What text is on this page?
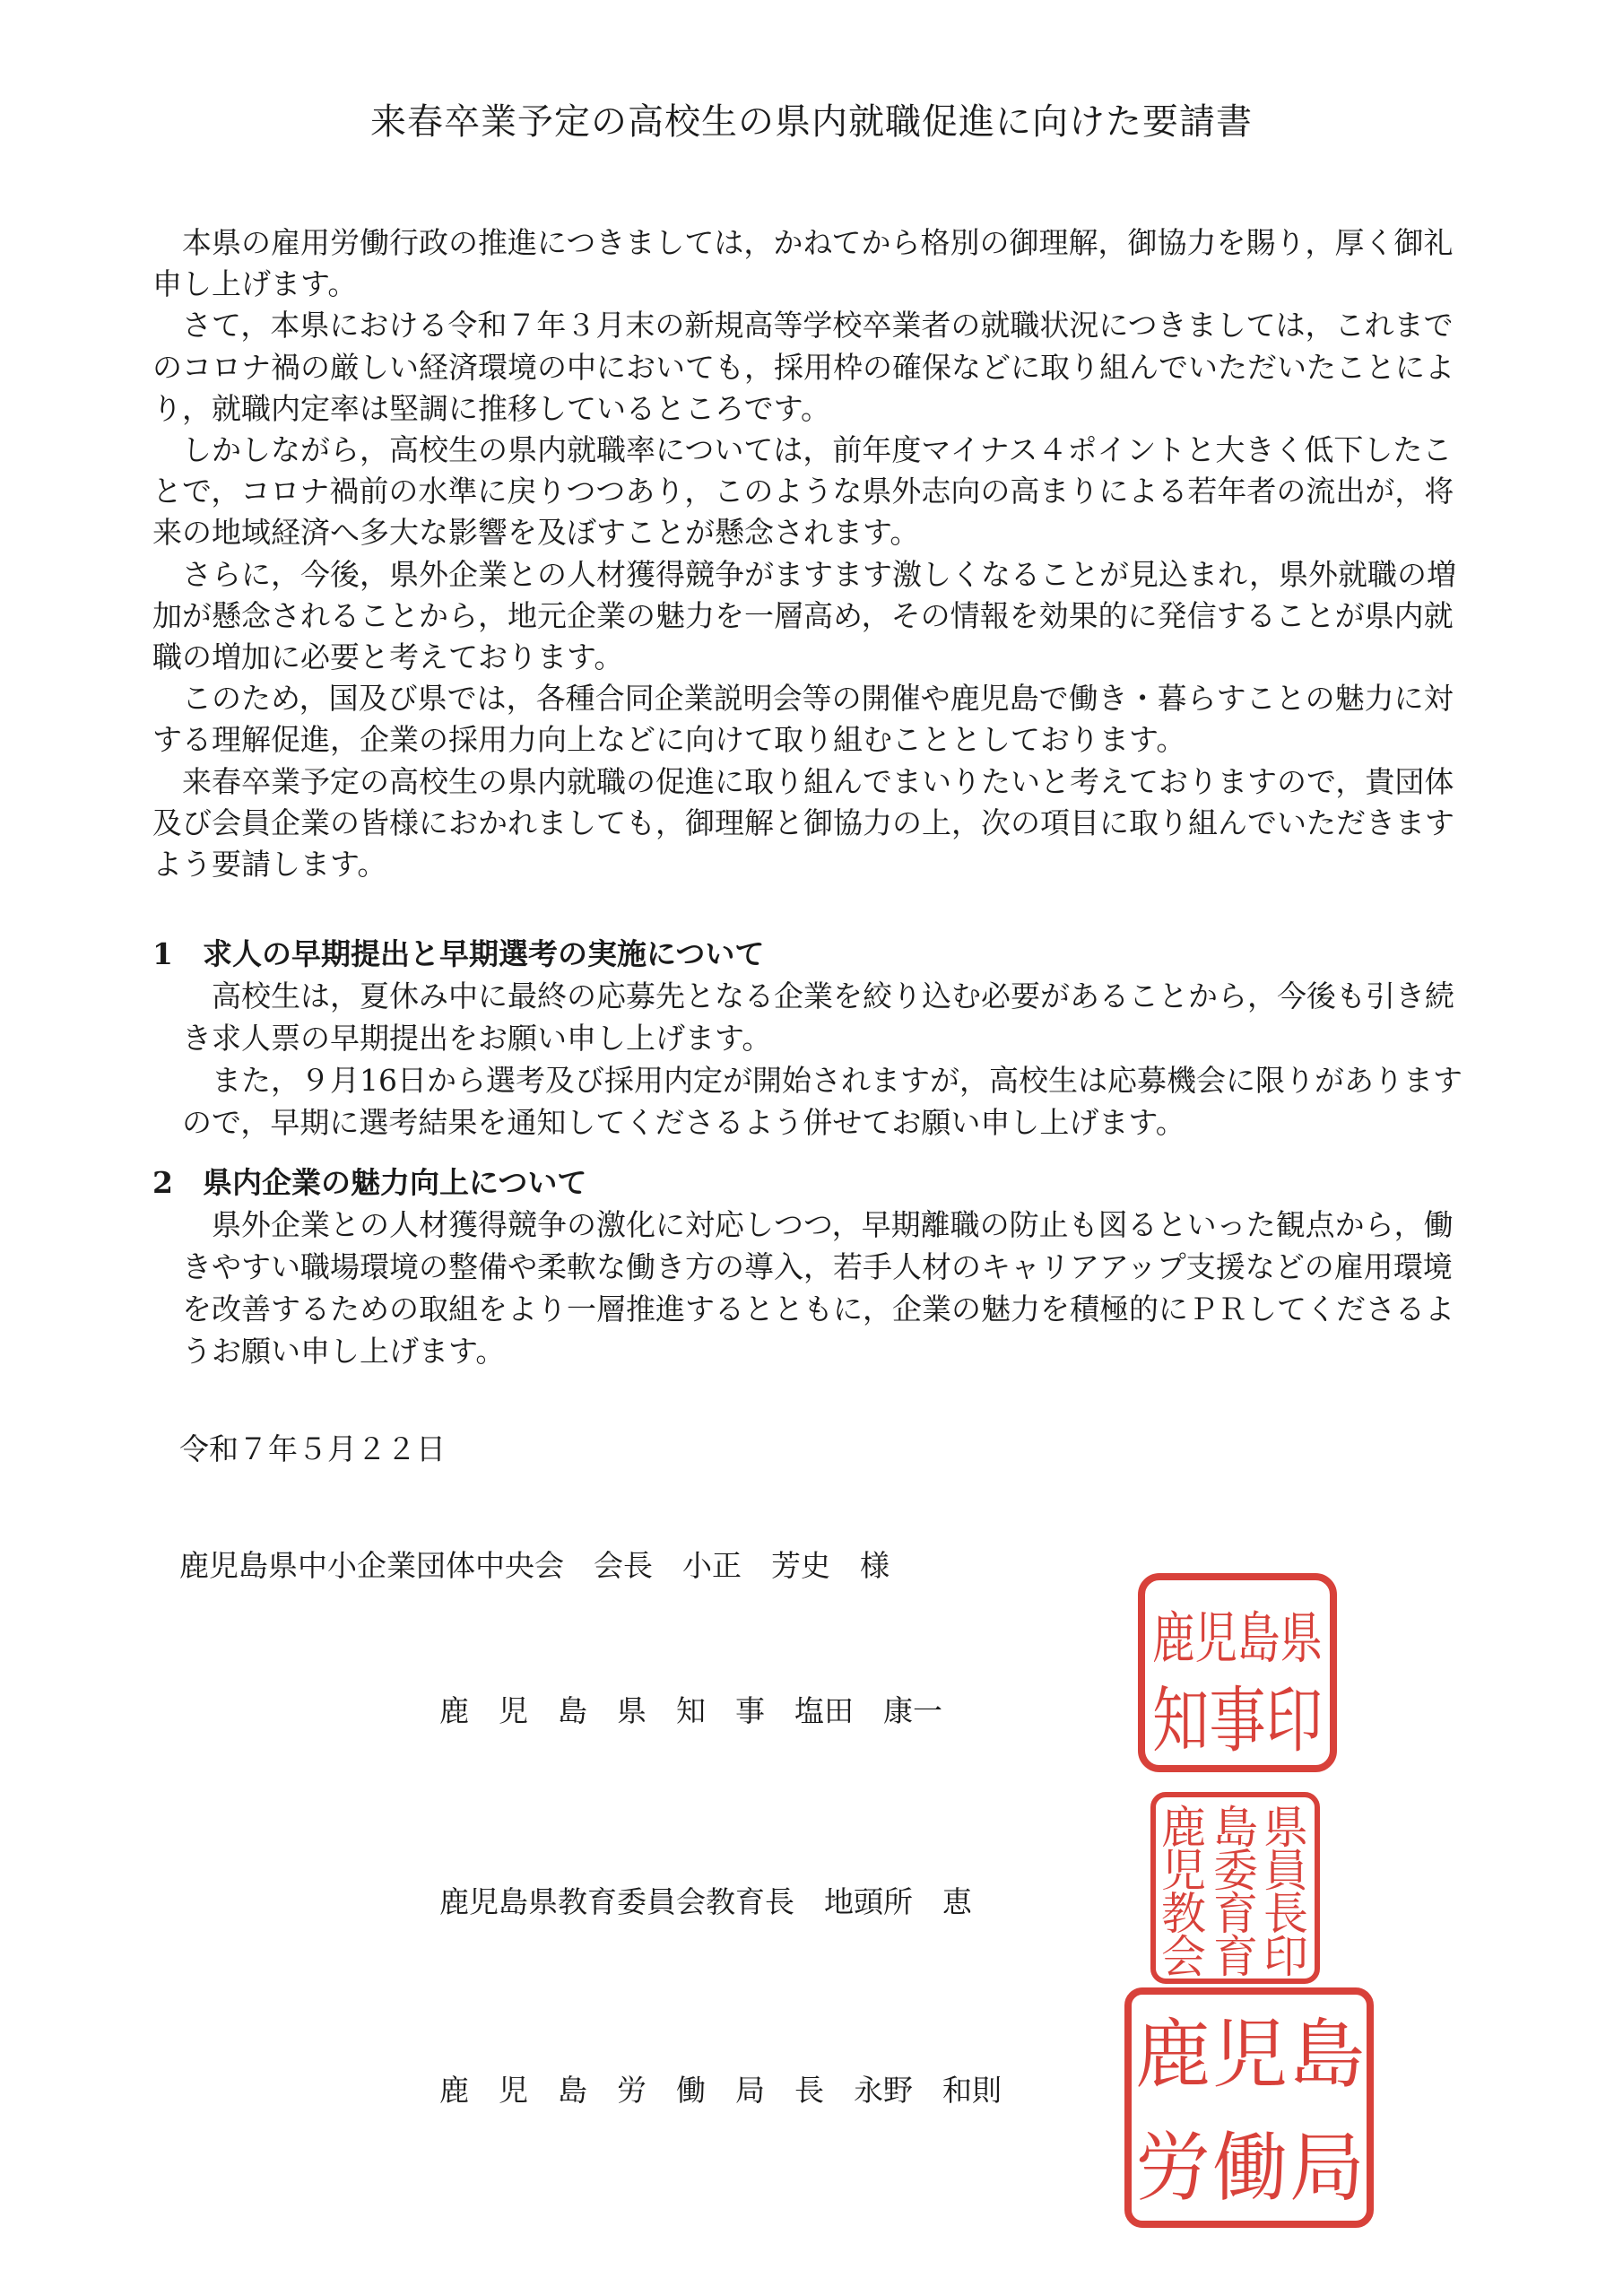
来春卒業予定の高校生の県内就職促進に向けた要請書

本県の雇用労働行政の推進につきましては，かねてから格別の御理解，御協力を賜り，厚く御礼申し上げます。

さて，本県における令和７年３月末の新規高等学校卒業者の就職状況につきましては，これまでのコロナ禍の厳しい経済環境の中においても，採用枠の確保などに取り組んでいただいたことにより，就職内定率は堅調に推移しているところです。

しかしながら，高校生の県内就職率については，前年度マイナス４ポイントと大きく低下したことで，コロナ禍前の水準に戻りつつあり，このような県外志向の高まりによる若年者の流出が，将来の地域経済へ多大な影響を及ぼすことが懸念されます。

さらに，今後，県外企業との人材獲得競争がますます激しくなることが見込まれ，県外就職の増加が懸念されることから，地元企業の魅力を一層高め，その情報を効果的に発信することが県内就職の増加に必要と考えております。

このため，国及び県では，各種合同企業説明会等の開催や鹿児島で働き・暮らすことの魅力に対する理解促進，企業の採用力向上などに向けて取り組むこととしております。

来春卒業予定の高校生の県内就職の促進に取り組んでまいりたいと考えておりますので，貴団体及び会員企業の皆様におかれましても，御理解と御協力の上，次の項目に取り組んでいただきますよう要請します。

1 求人の早期提出と早期選考の実施について

高校生は，夏休み中に最終の応募先となる企業を絞り込む必要があることから，今後も引き続き求人票の早期提出をお願い申し上げます。

また，９月16日から選考及び採用内定が開始されますが，高校生は応募機会に限りがありますので，早期に選考結果を通知してくださるよう併せてお願い申し上げます。

2 県内企業の魅力向上について

県外企業との人材獲得競争の激化に対応しつつ，早期離職の防止も図るといった観点から，働きやすい職場環境の整備や柔軟な働き方の導入，若手人材のキャリアアップ支援などの雇用環境を改善するための取組をより一層推進するとともに，企業の魅力を積極的にＰＲしてくださるようお願い申し上げます。

令和７年５月２２日
鹿児島県中小企業団体中央会　会長　小正　芳史　様
鹿　児　島　県　知　事　 塩田　康一
鹿児島県教育委員会教育長　 地頭所　恵
鹿　児　島　労　働　局　長　 永野　和則
鹿児島県
知事印
鹿 島 県
児 委 員
教 育 長
会 育 印
鹿 児 島
労 働 局
